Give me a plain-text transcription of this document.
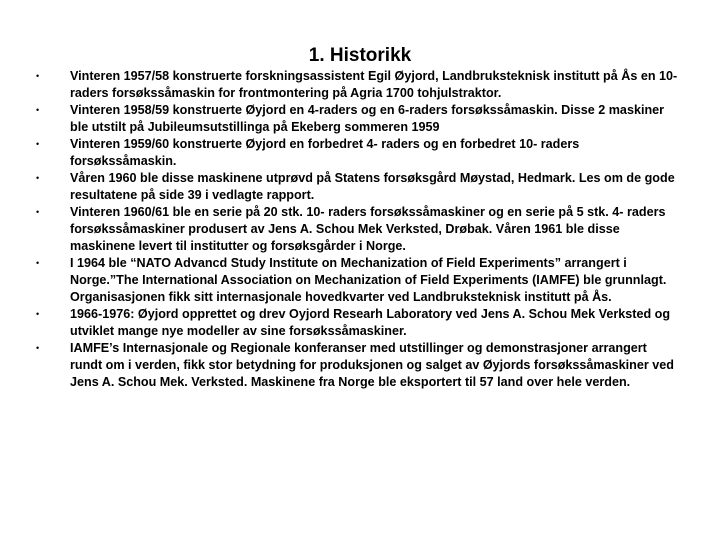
1. Historikk
• Vinteren 1957/58 konstruerte forskningsassistent Egil Øyjord, Landbruksteknisk institutt på Ås en 10-raders forsøkssåmaskin for frontmontering på Agria 1700 tohjulstraktor.
• Vinteren 1958/59 konstruerte Øyjord en 4-raders og en 6-raders forsøkssåmaskin. Disse 2 maskiner ble utstilt på Jubileumsutstillinga på Ekeberg sommeren 1959
• Vinteren 1959/60 konstruerte Øyjord en forbedret 4- raders og en forbedret 10- raders forsøkssåmaskin.
• Våren 1960 ble disse maskinene utprøvd på Statens forsøksgård Møystad, Hedmark. Les om de gode resultatene på side 39 i vedlagte rapport.
• Vinteren 1960/61 ble en serie på 20 stk. 10- raders forsøkssåmaskiner og en serie på 5 stk. 4- raders forsøkssåmaskiner produsert av Jens A. Schou Mek Verksted, Drøbak. Våren 1961 ble disse maskinene levert til institutter og forsøksgårder i Norge.
• I 1964 ble “NATO Advancd Study Institute on Mechanization of Field Experiments” arrangert i Norge.”The International Association on Mechanization of Field Experiments (IAMFE) ble grunnlagt. Organisasjonen fikk sitt internasjonale hovedkvarter ved Landbruksteknisk institutt på Ås.
• 1966-1976: Øyjord opprettet og drev Oyjord Researh Laboratory ved Jens A. Schou Mek Verksted og utviklet mange nye modeller av sine forsøkssåmaskiner.
• IAMFE’s Internasjonale og Regionale konferanser med utstillinger og demonstrasjoner arrangert rundt om i verden, fikk stor betydning for produksjonen og salget av Øyjords forsøkssåmaskiner ved Jens A. Schou Mek. Verksted. Maskinene fra Norge ble eksportert til 57 land over hele verden.
